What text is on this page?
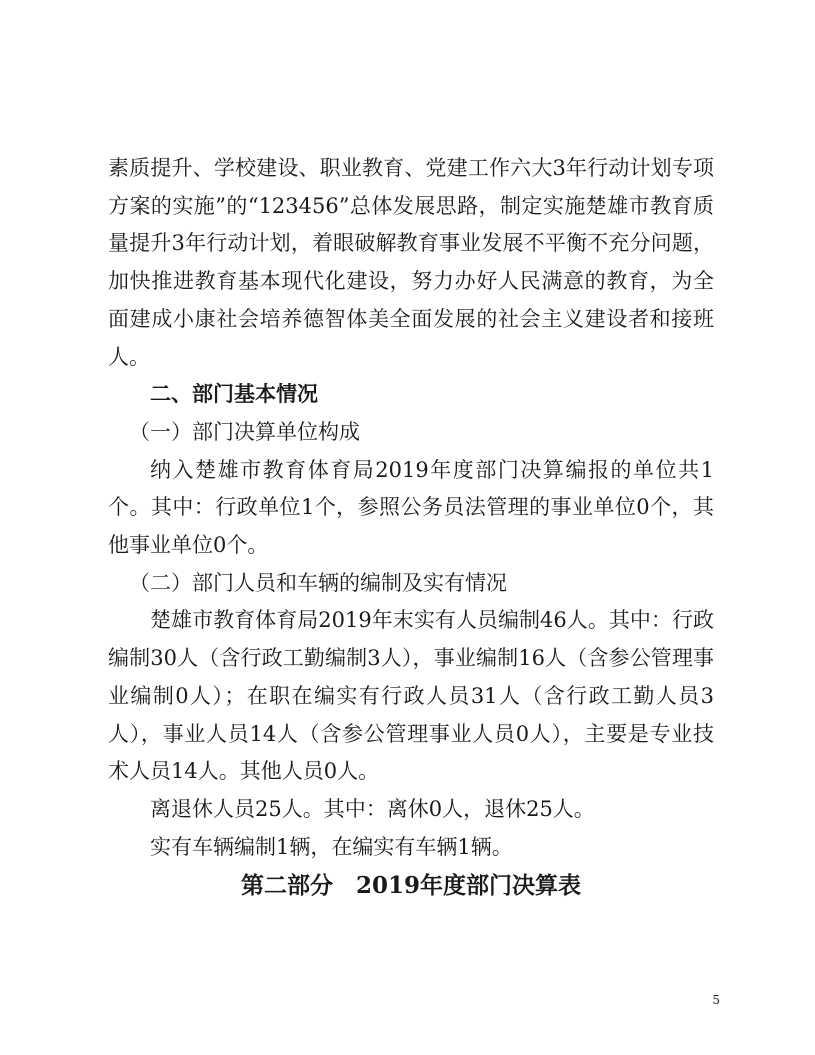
素质提升、学校建设、职业教育、党建工作六大3年行动计划专项方案的实施”的“123456”总体发展思路，制定实施楚雄市教育质量提升3年行动计划，着眼破解教育事业发展不平衡不充分问题，加快推进教育基本现代化建设，努力办好人民满意的教育，为全面建成小康社会培养德智体美全面发展的社会主义建设者和接班人。

二、部门基本情况

（一）部门决算单位构成

纳入楚雄市教育体育局2019年度部门决算编报的单位共1个。其中：行政单位1个，参照公务员法管理的事业单位0个，其他事业单位0个。

（二）部门人员和车辆的编制及实有情况

楚雄市教育体育局2019年末实有人员编制46人。其中：行政编制30人（含行政工勤编制3人），事业编制16人（含参公管理事业编制0人）；在职在编实有行政人员31人（含行政工勤人员3人），事业人员14人（含参公管理事业人员0人），主要是专业技术人员14人。其他人员0人。

离退休人员25人。其中：离休0人，退休25人。

实有车辆编制1辆，在编实有车辆1辆。

第二部分　2019年度部门决算表

5
